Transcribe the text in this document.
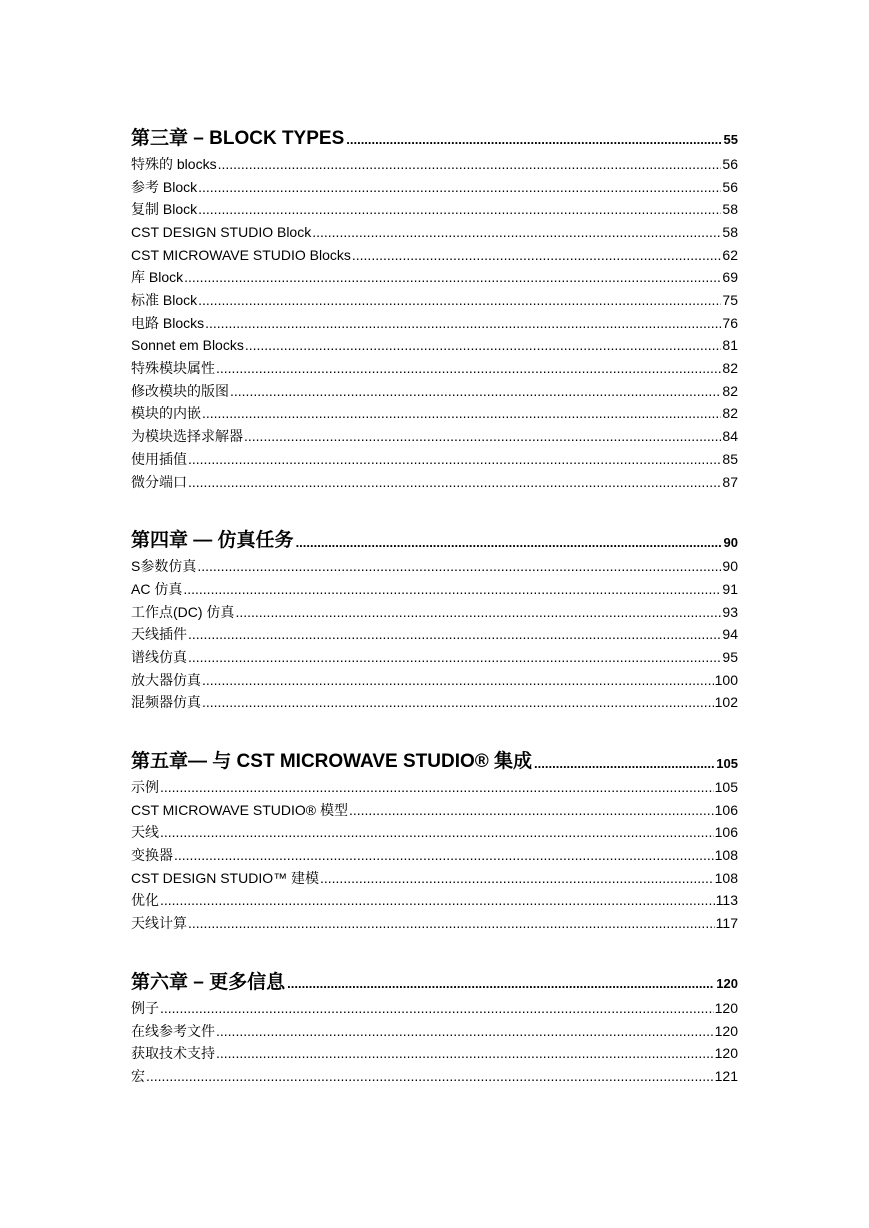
第三章 – BLOCK TYPES .....	55
特殊的 blocks .....	56
参考 Block .....	56
复制 Block .....	58
CST DESIGN STUDIO Block .....	58
CST MICROWAVE STUDIO Blocks .....	62
库 Block .....	69
标准 Block .....	75
电路 Blocks .....	76
Sonnet em Blocks .....	81
特殊模块属性 .....	82
修改模块的版图 .....	82
模块的内嵌 .....	82
为模块选择求解器 .....	84
使用插值 .....	85
微分端口 .....	87
第四章 — 仿真任务 .....	90
S参数仿真 .....	90
AC 仿真 .....	91
工作点(DC) 仿真 .....	93
天线插件 .....	94
谱线仿真 .....	95
放大器仿真 .....	100
混频器仿真 .....	102
第五章— 与 CST MICROWAVE STUDIO® 集成 .....	105
示例 .....	105
CST MICROWAVE STUDIO® 模型 .....	106
天线 .....	106
变换器 .....	108
CST DESIGN STUDIO™ 建模 .....	108
优化 .....	113
天线计算 .....	117
第六章 – 更多信息 .....	120
例子 .....	120
在线参考文件 .....	120
获取技术支持 .....	120
宏 .....	121
